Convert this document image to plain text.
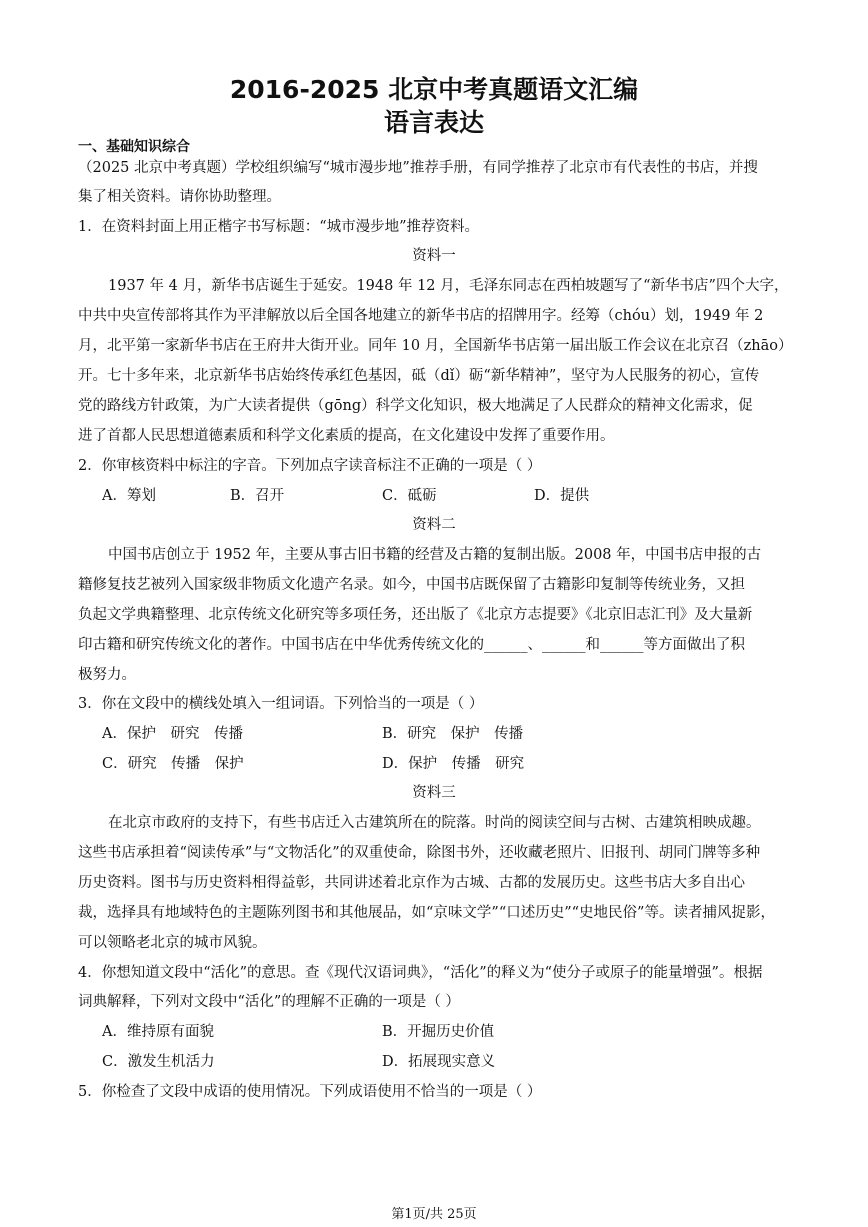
2016-2025 北京中考真题语文汇编
语言表达
一、基础知识综合
（2025 北京中考真题）学校组织编写“城市漫步地”推荐手册，有同学推荐了北京市有代表性的书店，并搜
集了相关资料。请你协助整理。
1．在资料封面上用正楷字书写标题：“城市漫步地”推荐资料。
资料一
1937 年 4 月，新华书店诞生于延安。1948 年 12 月，毛泽东同志在西柏坡题写了“新华书店”四个大字，
中共中央宣传部将其作为平津解放以后全国各地建立的新华书店的招牌用字。经筹（chóu）划，1949 年 2
月，北平第一家新华书店在王府井大街开业。同年 10 月，全国新华书店第一届出版工作会议在北京召（zhāo）
开。七十多年来，北京新华书店始终传承红色基因，砥（dǐ）砺“新华精神”，坚守为人民服务的初心，宣传
党的路线方针政策，为广大读者提供（gōng）科学文化知识，极大地满足了人民群众的精神文化需求，促
进了首都人民思想道德素质和科学文化素质的提高，在文化建设中发挥了重要作用。
2．你审核资料中标注的字音。下列加点字读音标注不正确的一项是（ ）
A．筹划	B．召开	C．砥砺	D．提供
资料二
中国书店创立于 1952 年，主要从事古旧书籍的经营及古籍的复制出版。2008 年，中国书店申报的古
籍修复技艺被列入国家级非物质文化遗产名录。如今，中国书店既保留了古籍影印复制等传统业务，又担
负起文学典籍整理、北京传统文化研究等多项任务，还出版了《北京方志提要》《北京旧志汇刊》及大量新
印古籍和研究传统文化的著作。中国书店在中华优秀传统文化的______、______和______等方面做出了积
极努力。
3．你在文段中的横线处填入一组词语。下列恰当的一项是（ ）
A．保护　研究　传播	B．研究　保护　传播
C．研究　传播　保护	D．保护　传播　研究
资料三
在北京市政府的支持下，有些书店迁入古建筑所在的院落。时尚的阅读空间与古树、古建筑相映成趣。
这些书店承担着“阅读传承”与“文物活化”的双重使命，除图书外，还收藏老照片、旧报刊、胡同门牌等多种
历史资料。图书与历史资料相得益彰，共同讲述着北京作为古城、古都的发展历史。这些书店大多自出心
裁，选择具有地域特色的主题陈列图书和其他展品，如“京味文学”“口述历史”“史地民俗”等。读者捕风捉影，
可以领略老北京的城市风貌。
4．你想知道文段中“活化”的意思。查《现代汉语词典》，“活化”的释义为“使分子或原子的能量增强”。根据
词典解释，下列对文段中“活化”的理解不正确的一项是（ ）
A．维持原有面貌	B．开掘历史价值
C．激发生机活力	D．拓展现实意义
5．你检查了文段中成语的使用情况。下列成语使用不恰当的一项是（ ）
第1页/共 25页
